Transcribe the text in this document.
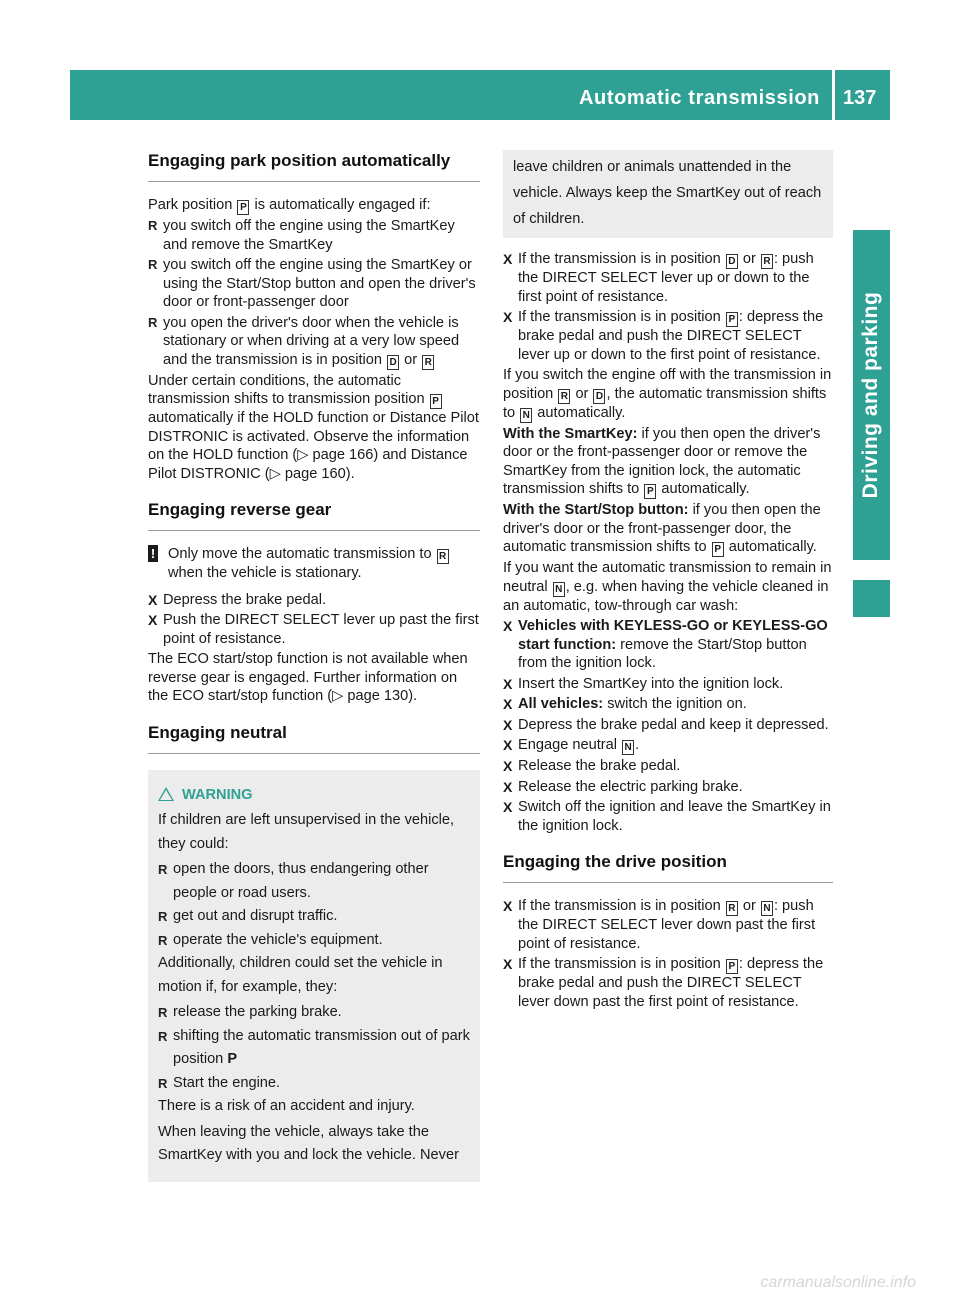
Automatic transmission 137
Driving and parking
Engaging park position automatically

Park position P is automatically engaged if:

R you switch off the engine using the SmartKey and remove the SmartKey
R you switch off the engine using the SmartKey or using the Start/Stop button and open the driver's door or front-passenger door
R you open the driver's door when the vehicle is stationary or when driving at a very low speed and the transmission is in position D or R

Under certain conditions, the automatic transmission shifts to transmission position P automatically if the HOLD function or Distance Pilot DISTRONIC is activated. Observe the information on the HOLD function (▷ page 166) and Distance Pilot DISTRONIC (▷ page 160).

Engaging reverse gear
! Only move the automatic transmission to R when the vehicle is stationary.
X Depress the brake pedal.
X Push the DIRECT SELECT lever up past the first point of resistance.

The ECO start/stop function is not available when reverse gear is engaged. Further information on the ECO start/stop function (▷ page 130).

Engaging neutral
WARNING

If children are left unsupervised in the vehicle, they could:

R open the doors, thus endangering other people or road users.
R get out and disrupt traffic.
R operate the vehicle's equipment.

Additionally, children could set the vehicle in motion if, for example, they:

R release the parking brake.
R shifting the automatic transmission out of park position P
R Start the engine.

There is a risk of an accident and injury.

When leaving the vehicle, always take the SmartKey with you and lock the vehicle. Never

leave children or animals unattended in the vehicle. Always keep the SmartKey out of reach of children.
X If the transmission is in position D or R : push the DIRECT SELECT lever up or down to the first point of resistance.
X If the transmission is in position P : depress the brake pedal and push the DIRECT SELECT lever up or down to the first point of resistance.

If you switch the engine off with the transmission in position R or D , the automatic transmission shifts to N automatically.

With the SmartKey: if you then open the driver's door or the front-passenger door or remove the SmartKey from the ignition lock, the automatic transmission shifts to P automatically.

With the Start/Stop button: if you then open the driver's door or the front-passenger door, the automatic transmission shifts to P automatically.

If you want the automatic transmission to remain in neutral N , e.g. when having the vehicle cleaned in an automatic, tow-through car wash:

X Vehicles with KEYLESS-GO or KEYLESS-GO start function: remove the Start/Stop button from the ignition lock.
X Insert the SmartKey into the ignition lock.
X All vehicles: switch the ignition on.
X Depress the brake pedal and keep it depressed.
X Engage neutral N .
X Release the brake pedal.
X Release the electric parking brake.
X Switch off the ignition and leave the SmartKey in the ignition lock.
Engaging the drive position
X If the transmission is in position R or N : push the DIRECT SELECT lever down past the first point of resistance.
X If the transmission is in position P : depress the brake pedal and push the DIRECT SELECT lever down past the first point of resistance.
carmanualsonline.info
